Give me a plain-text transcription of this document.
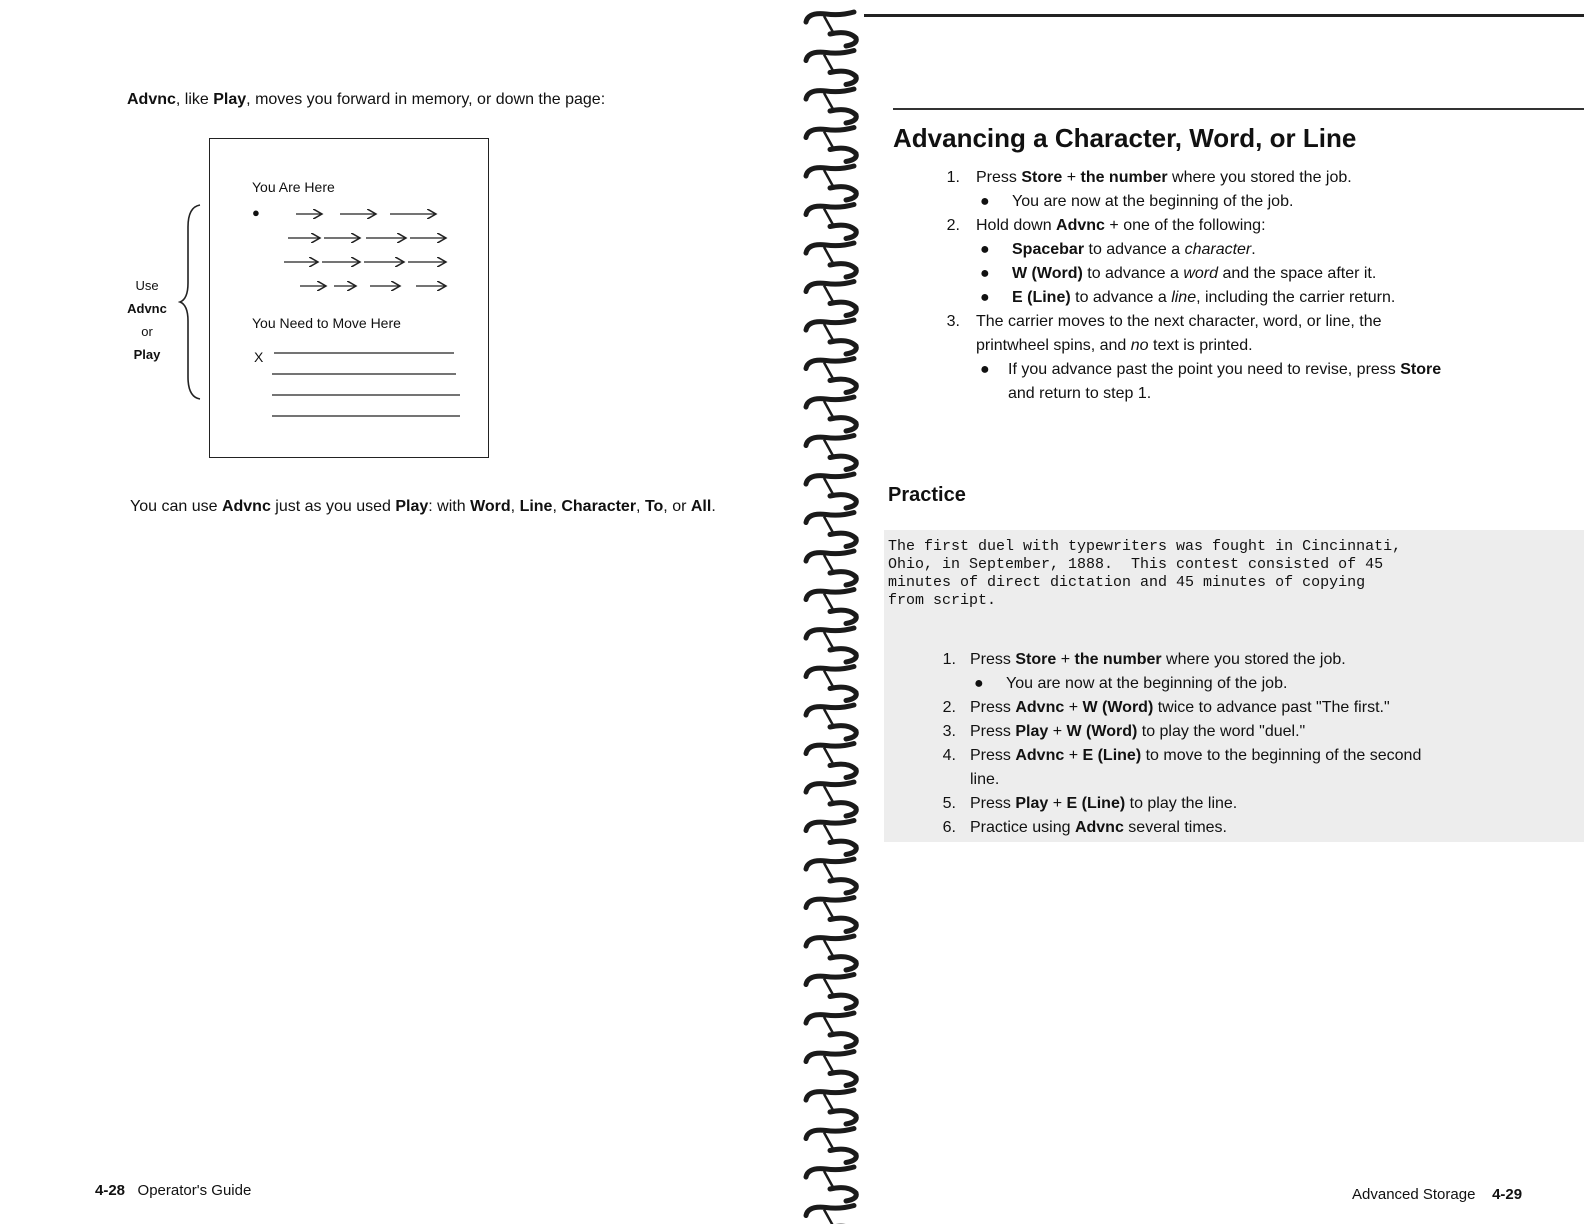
Advnc, like Play, moves you forward in memory, or down the page:
Use
Advnc
or
Play
You Are Here
●
You Need to Move Here
X
You can use Advnc just as you used Play: with Word, Line, Character, To, or All.
4-28 Operator's Guide
Advancing a Character, Word, or Line
1. Press Store + the number where you stored the job.
● You are now at the beginning of the job.
2. Hold down Advnc + one of the following:
● Spacebar to advance a character.
● W (Word) to advance a word and the space after it.
● E (Line) to advance a line, including the carrier return.
3. The carrier moves to the next character, word, or line, the
printwheel spins, and no text is printed.
● If you advance past the point you need to revise, press Store
and return to step 1.
Practice
The first duel with typewriters was fought in Cincinnati,
Ohio, in September, 1888.  This contest consisted of 45
minutes of direct dictation and 45 minutes of copying
from script.
1. Press Store + the number where you stored the job.
● You are now at the beginning of the job.
2. Press Advnc + W (Word) twice to advance past "The first."
3. Press Play + W (Word) to play the word "duel."
4. Press Advnc + E (Line) to move to the beginning of the second
line.
5. Press Play + E (Line) to play the line.
6. Practice using Advnc several times.
Advanced Storage 4-29
